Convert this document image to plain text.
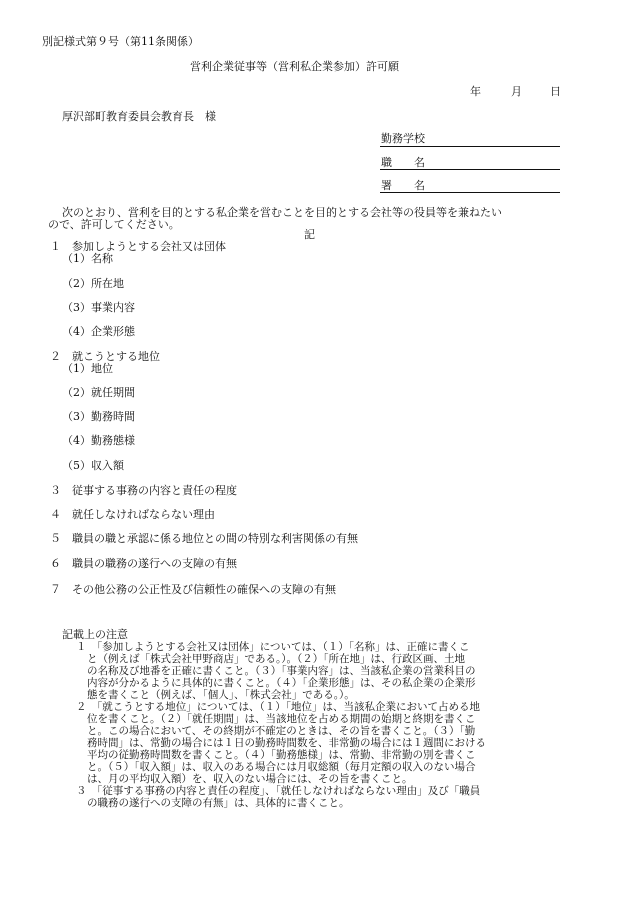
別記様式第９号（第11条関係）
営利企業従事等（営利私企業参加）許可願
年	月	日
厚沢部町教育委員会教育長　様
勤務学校
職　　名
署　　名
次のとおり、営利を目的とする私企業を営むことを目的とする会社等の役員等を兼ねたい
ので、許可してください。
記
１　参加しようとする会社又は団体
（1）名称
（2）所在地
（3）事業内容
（4）企業形態
２　就こうとする地位
（1）地位
（2）就任期間
（3）勤務時間
（4）勤務態様
（5）収入額
３　従事する事務の内容と責任の程度
４　就任しなければならない理由
５　職員の職と承認に係る地位との間の特別な利害関係の有無
６　職員の職務の遂行への支障の有無
７　その他公務の公正性及び信頼性の確保への支障の有無
記載上の注意
１　「参加しようとする会社又は団体」については、（１）「名称」は、正確に書くこ
と（例えば「株式会社甲野商店」である。）。（２）「所在地」は、行政区画、土地
の名称及び地番を正確に書くこと。（３）「事業内容」は、当該私企業の営業科目の
内容が分かるように具体的に書くこと。（４）「企業形態」は、その私企業の企業形
態を書くこと（例えば、「個人」、「株式会社」である。）。
２　「就こうとする地位」については、（１）「地位」は、当該私企業において占める地
位を書くこと。（２）「就任期間」は、当該地位を占める期間の始期と終期を書くこ
と。この場合において、その終期が不確定のときは、その旨を書くこと。（３）「勤
務時間」は、常勤の場合には１日の勤務時間数を、非常勤の場合には１週間における
平均の従勤務時間数を書くこと。（４）「勤務態様」は、常勤、非常勤の別を書くこ
と。（５）「収入額」は、収入のある場合には月収総額（毎月定額の収入のない場合
は、月の平均収入額）を、収入のない場合には、その旨を書くこと。
３　「従事する事務の内容と責任の程度」、「就任しなければならない理由」及び「職員
の職務の遂行への支障の有無」は、具体的に書くこと。
